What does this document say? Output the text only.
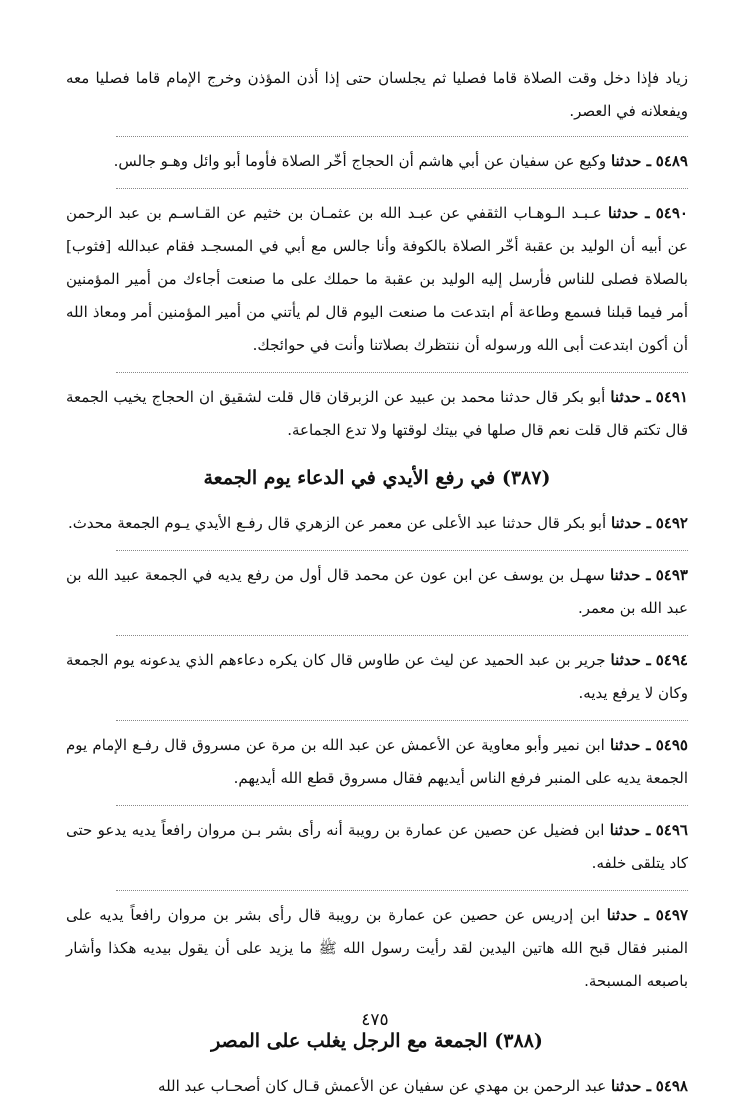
زياد فإذا دخل وقت الصلاة قاما فصليا ثم يجلسان حتى إذا أذن المؤذن وخرج الإمام قاما فصليا معه ويفعلانه في العصر.

٥٤٨٩ ـ حدثنا وكيع عن سفيان عن أبي هاشم أن الحجاج أخّر الصلاة فأوما أبو وائل وهـو جالس.

٥٤٩٠ ـ حدثنا عـبـد الـوهـاب الثقفي عن عبـد الله بن عثمـان بن خثيم عن القـاسـم بن عبد الرحمن عن أبيه أن الوليد بن عقبة أخّر الصلاة بالكوفة وأنا جالس مع أبي في المسجـد فقام عبدالله [فثوب] بالصلاة فصلى للناس فأرسل إليه الوليد بن عقبة ما حملك على ما صنعت أجاءك من أمير المؤمنين أمر فيما قبلنا فسمع وطاعة أم ابتدعت ما صنعت اليوم قال لم يأتني من أمير المؤمنين أمر ومعاذ الله أن أكون ابتدعت أبى الله ورسوله أن ننتظرك بصلاتنا وأنت في حوائجك.

٥٤٩١ ـ حدثنا أبو بكر قال حدثنا محمد بن عبيد عن الزبرقان قال قلت لشقيق ان الحجاج يخيب الجمعة قال تكتم قال قلت نعم قال صلها في بيتك لوقتها ولا تدع الجماعة.

(٣٨٧) في رفع الأيدي في الدعاء يوم الجمعة

٥٤٩٢ ـ حدثنا أبو بكر قال حدثنا عبد الأعلى عن معمر عن الزهري قال رفـع الأيدي يـوم الجمعة محدث.

٥٤٩٣ ـ حدثنا سهـل بن يوسف عن ابن عون عن محمد قال أول من رفع يديه في الجمعة عبيد الله بن عبد الله بن معمر.

٥٤٩٤ ـ حدثنا جرير بن عبد الحميد عن ليث عن طاوس قال كان يكره دعاءهم الذي يدعونه يوم الجمعة وكان لا يرفع يديه.

٥٤٩٥ ـ حدثنا ابن نمير وأبو معاوية عن الأعمش عن عبد الله بن مرة عن مسروق قال رفـع الإمام يوم الجمعة يديه على المنبر فرفع الناس أيديهم فقال مسروق قطع الله أيديهم.

٥٤٩٦ ـ حدثنا ابن فضيل عن حصين عن عمارة بن رويبة أنه رأى بشر بـن مروان رافعاً يديه يدعو حتى كاد يتلقى خلفه.

٥٤٩٧ ـ حدثنا ابن إدريس عن حصين عن عمارة بن رويبة قال رأى بشر بن مروان رافعاً يديه على المنبر فقال قبح الله هاتين اليدين لقد رأيت رسول الله ﷺ ما يزيد على أن يقول بيديه هكذا وأشار باصبعه المسبحة.

(٣٨٨) الجمعة مع الرجل يغلب على المصر

٥٤٩٨ ـ حدثنا عبد الرحمن بن مهدي عن سفيان عن الأعمش قـال كان أصحـاب عبد الله

٤٧٥
